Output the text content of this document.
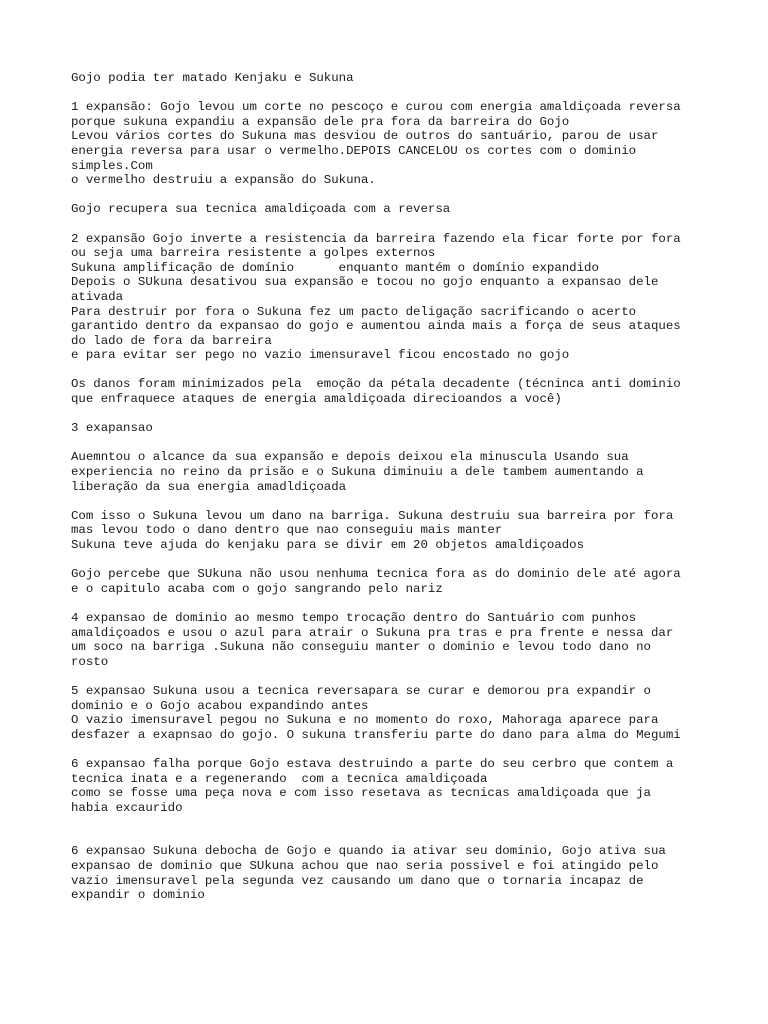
Gojo podia ter matado Kenjaku e Sukuna
1 expansão: Gojo levou um corte no pescoço e curou com energia amaldiçoada reversa
porque sukuna expandiu a expansão dele pra fora da barreira do Gojo
Levou vários cortes do Sukuna mas desviou de outros do santuário, parou de usar
energia reversa para usar o vermelho.DEPOIS CANCELOU os cortes com o dominio
simples.Com
o vermelho destruiu a expansão do Sukuna.
Gojo recupera sua tecnica amaldiçoada com a reversa
2 expansão Gojo inverte a resistencia da barreira fazendo ela ficar forte por fora
ou seja uma barreira resistente a golpes externos
Sukuna amplificação de domínio      enquanto mantém o domínio expandido
Depois o SUkuna desativou sua expansão e tocou no gojo enquanto a expansao dele
ativada
Para destruir por fora o Sukuna fez um pacto deligação sacrificando o acerto
garantido dentro da expansao do gojo e aumentou ainda mais a força de seus ataques
do lado de fora da barreira
e para evitar ser pego no vazio imensuravel ficou encostado no gojo
Os danos foram minimizados pela  emoção da pétala decadente (técninca anti dominio
que enfraquece ataques de energia amaldiçoada direcioandos a você)
3 exapansao
Auemntou o alcance da sua expansão e depois deixou ela minuscula Usando sua
experiencia no reino da prisão e o Sukuna diminuiu a dele tambem aumentando a
liberação da sua energia amadldiçoada
Com isso o Sukuna levou um dano na barriga. Sukuna destruiu sua barreira por fora
mas levou todo o dano dentro que nao conseguiu mais manter
Sukuna teve ajuda do kenjaku para se divir em 20 objetos amaldiçoados
Gojo percebe que SUkuna não usou nenhuma tecnica fora as do dominio dele até agora
e o capitulo acaba com o gojo sangrando pelo nariz
4 expansao de dominio ao mesmo tempo trocação dentro do Santuário com punhos
amaldiçoados e usou o azul para atrair o Sukuna pra tras e pra frente e nessa dar
um soco na barriga .Sukuna não conseguiu manter o dominio e levou todo dano no
rosto
5 expansao Sukuna usou a tecnica reversapara se curar e demorou pra expandir o
dominio e o Gojo acabou expandindo antes
O vazio imensuravel pegou no Sukuna e no momento do roxo, Mahoraga aparece para
desfazer a exapnsao do gojo. O sukuna transferiu parte do dano para alma do Megumi
6 expansao falha porque Gojo estava destruindo a parte do seu cerbro que contem a
tecnica inata e a regenerando  com a tecnica amaldiçoada
como se fosse uma peça nova e com isso resetava as tecnicas amaldiçoada que ja
habia excaurido
6 expansao Sukuna debocha de Gojo e quando ia ativar seu dominio, Gojo ativa sua
expansao de dominio que SUkuna achou que nao seria possivel e foi atingido pelo
vazio imensuravel pela segunda vez causando um dano que o tornaria incapaz de
expandir o dominio
